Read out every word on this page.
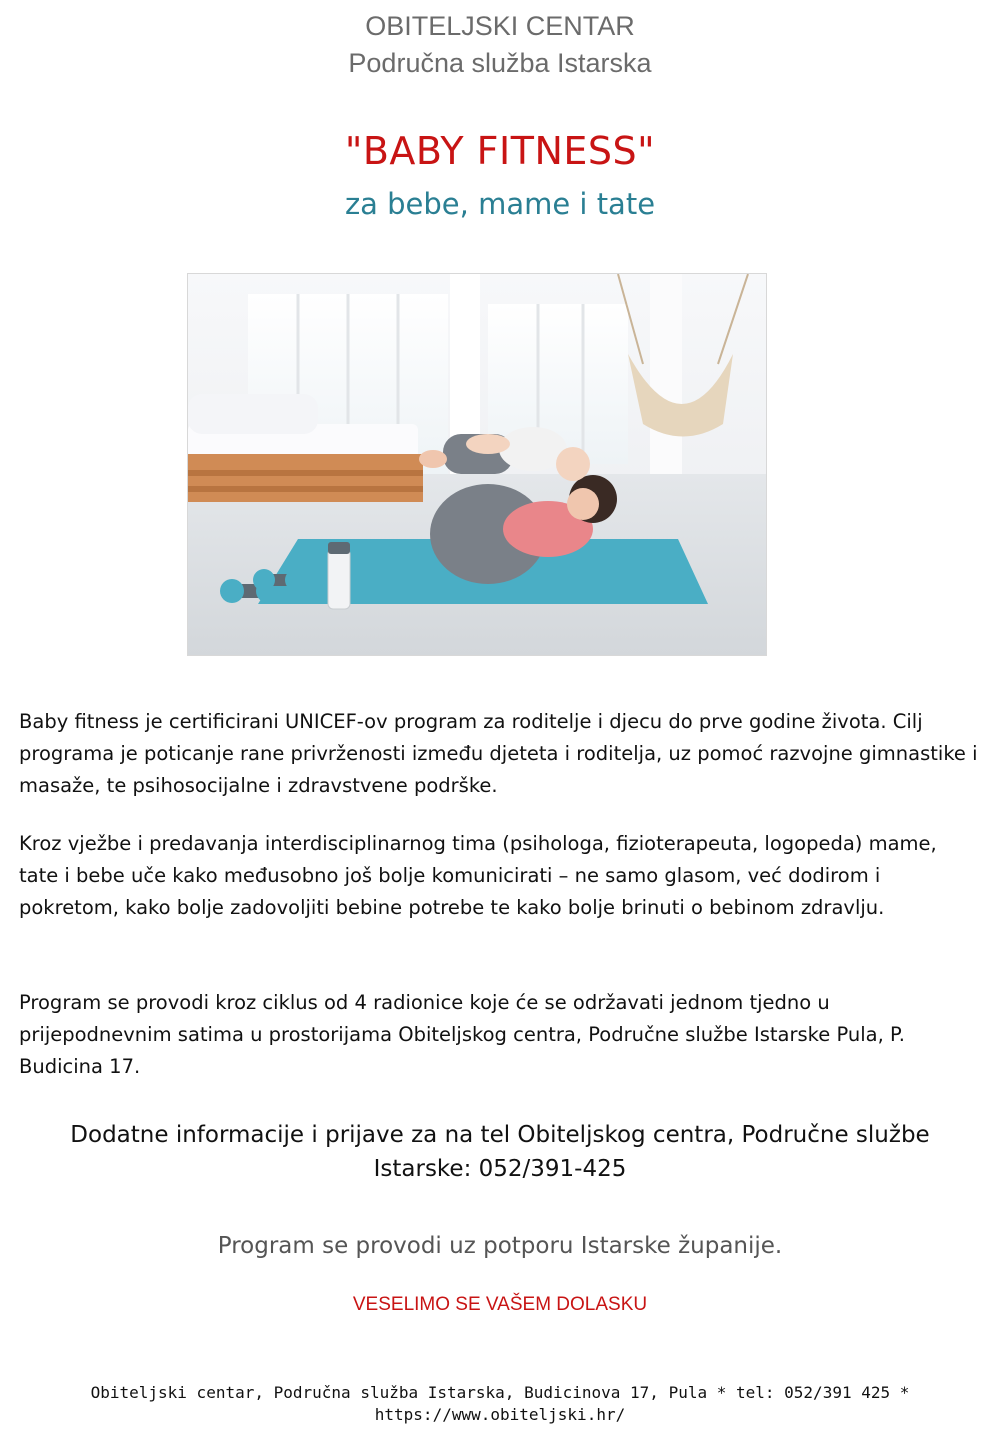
OBITELJSKI CENTAR
Područna služba Istarska
"BABY FITNESS"
za bebe, mame i tate
Baby fitness je certificirani UNICEF-ov program za roditelje i djecu do prve godine života. Cilj programa je poticanje rane privrženosti između djeteta i roditelja, uz pomoć razvojne gimnastike i masaže, te psihosocijalne i zdravstvene podrške.
Kroz vježbe i predavanja interdisciplinarnog tima (psihologa, fizioterapeuta, logopeda) mame, tate i bebe uče kako međusobno još bolje komunicirati – ne samo glasom, već dodirom i pokretom, kako bolje zadovoljiti bebine potrebe te kako bolje brinuti o bebinom zdravlju.
Program se provodi kroz ciklus od 4 radionice koje će se održavati jednom tjedno u prijepodnevnim satima u prostorijama Obiteljskog centra, Područne službe Istarske Pula, P. Budicina 17.
Dodatne informacije i prijave za na tel Obiteljskog centra, Područne službe Istarske: 052/391-425
Program se provodi uz potporu Istarske županije.
VESELIMO SE VAŠEM DOLASKU
Obiteljski centar, Područna služba Istarska, Budicinova 17, Pula * tel: 052/391 425 *
https://www.obiteljski.hr/
